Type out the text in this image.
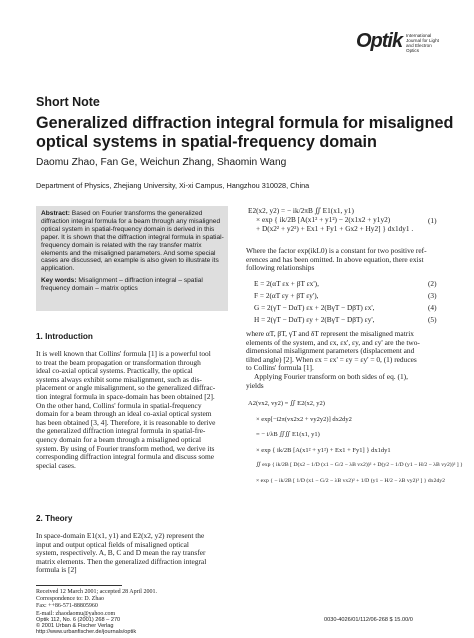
Optik International
Journal for Light
and Electron Optics
Short Note
Generalized diffraction integral formula for misaligned optical systems in spatial-frequency domain
Daomu Zhao, Fan Ge, Weichun Zhang, Shaomin Wang
Department of Physics, Zhejiang University, Xi-xi Campus, Hangzhou 310028, China
Abstract: Based on Fourier transforms the generalized diffraction integral formula for a beam through any misaligned optical system in spatial-frequency domain is derived in this paper. It is shown that the diffraction integral formula in spatial-frequency domain is related with the ray transfer matrix elements and the misaligned parameters. And some special cases are discussed, an example is also given to illustrate its application.
Key words: Misalignment – diffraction integral – spatial frequency domain – matrix optics
1. Introduction
It is well known that Collins' formula [1] is a powerful tool
to treat the beam propagation or transformation through
ideal co-axial optical systems. Practically, the optical
systems always exhibit some misalignment, such as dis-
placement or angle misalignment, so the generalized diffrac-
tion integral formula in space-domain has been obtained [2].
On the other hand, Collins' formula in spatial-frequency
domain for a beam through an ideal co-axial optical system
has been obtained [3, 4]. Therefore, it is reasonable to derive
the generalized diffraction integral formula in spatial-fre-
quency domain for a beam through a misaligned optical
system. By using of Fourier transform method, we derive its
corresponding diffraction integral formula and discuss some
special cases.
2. Theory
In space-domain E1(x1, y1) and E2(x2, y2) represent the
input and output optical fields of misaligned optical
system, respectively. A, B, C and D mean the ray transfer
matrix elements. Then the generalized diffraction integral
formula is [2]
Received 12 March 2001; accepted 28 April 2001.
Correspondence to: D. Zhao
Fax: ++86-571-88805960
E-mail: zhaodaomu@yahoo.com
Optik 112, No. 6 (2001) 268 – 270
© 2001 Urban & Fischer Verlag
http://www.urbanfischer.de/journals/optik
0030-4026/01/112/06-268 $ 15.00/0
E2(x2, y2) = − ik/2πB ∬ E1(x1, y1)
× exp { ik/2B [A(x1² + y1²) − 2(x1x2 + y1y2)
+ D(x2² + y2²) + Ex1 + Fy1 + Gx2 + Hy2] } dx1dy1 .
(1)
Where the factor exp(ikL0) is a constant for two positive ref-
erences and has been omitted. In above equation, there exist
following relationships
E = 2(αT εx + βT εx'),
F = 2(αT εy + βT εy'),
G = 2(γT − DαT) εx + 2(BγT − DβT) εx',
H = 2(γT − DαT) εy + 2(BγT − DβT) εy',
(2)
(3)
(4)
(5)
where αT, βT, γT and δT represent the misaligned matrix
elements of the system, and εx, εx', εy, and εy' are the two-
dimensional misalignment parameters (displacement and
tilted angle) [2]. When εx = εx' = εy = εy' = 0, (1) reduces
to Collins' formula [1].
Applying Fourier transform on both sides of eq. (1),
yields
A2(vx2, vy2) = ∬ E2(x2, y2)
× exp[−i2π(vx2x2 + vy2y2)] dx2dy2
= − i/λB ∬∬ E1(x1, y1)
× exp { ik/2B [A(x1² + y1²) + Ex1 + Fy1] } dx1dy1
∬ exp { ik/2B [ D(x2 − 1/D (x1 − G/2 − λB vx2))² + D(y2 − 1/D (y1 − H/2 − λB vy2))² ] }
× exp { − ik/2B [ 1/D (x1 − G/2 − λB vx2)² + 1/D (y1 − H/2 − λB vy2)² ] } dx2dy2
